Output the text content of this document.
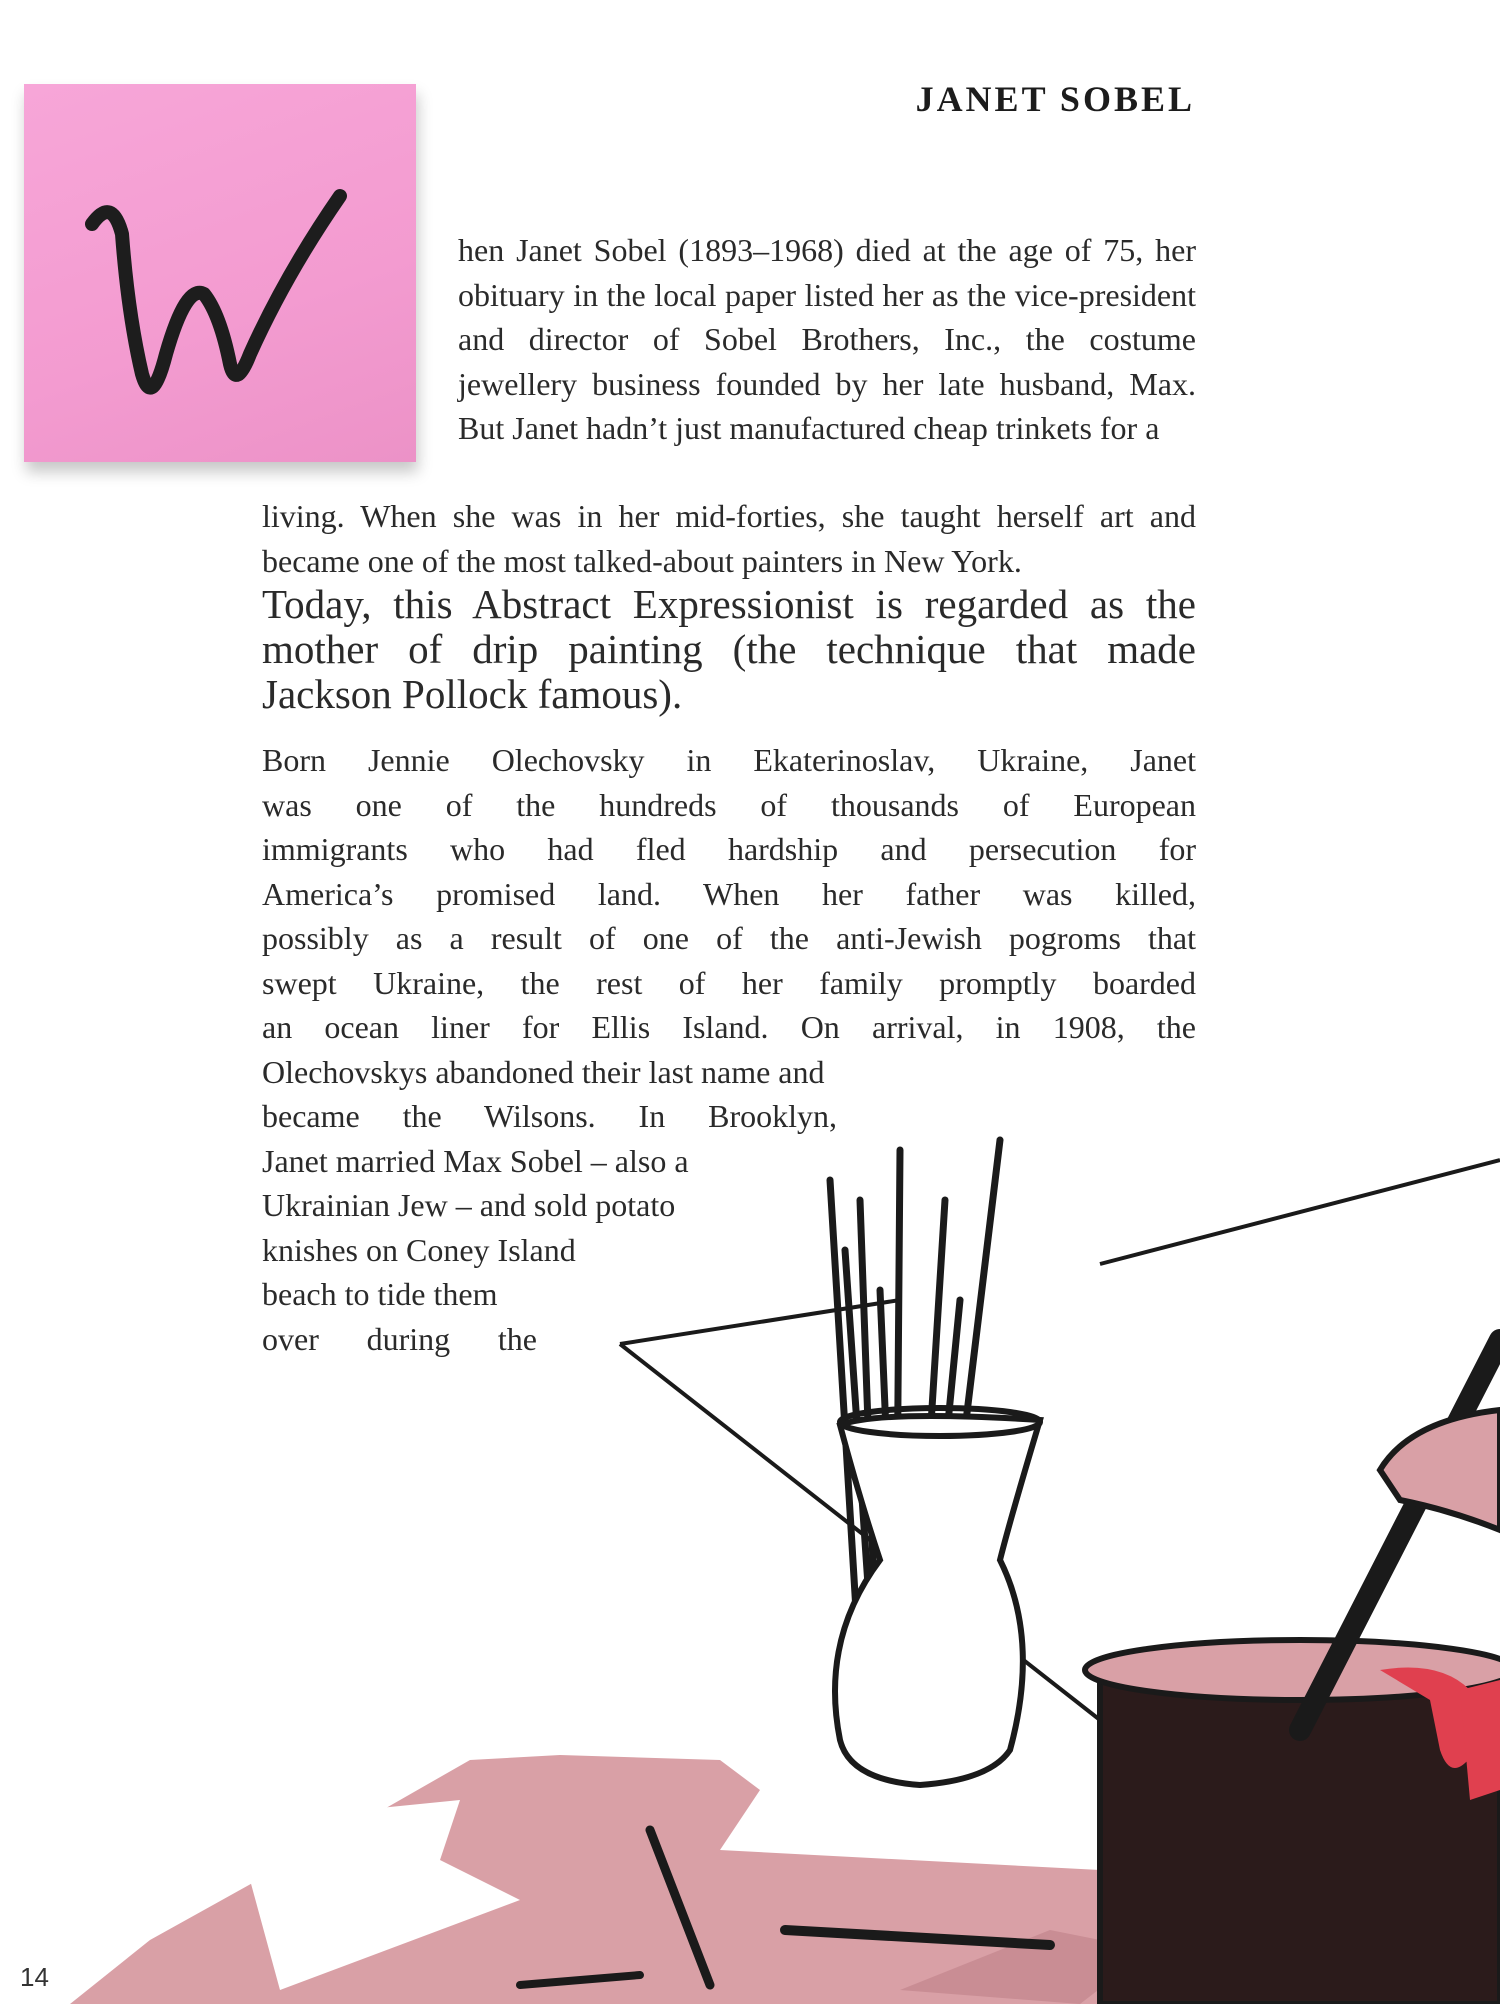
JANET SOBEL
hen Janet Sobel (1893–1968) died at the age of 75, her obituary in the local paper listed her as the vice-president and director of Sobel Brothers, Inc., the costume jewellery business founded by her late husband, Max. But Janet hadn’t just manufactured cheap trinkets for a
living. When she was in her mid-forties, she taught herself art and became one of the most talked-about painters in New York.
Today, this Abstract Expressionist is regarded as the mother of drip painting (the technique that made Jackson Pollock famous).
Born Jennie Olechovsky in Ekaterinoslav, Ukraine, Janet
was one of the hundreds of thousands of European
immigrants who had fled hardship and persecution for
America’s promised land. When her father was killed,
possibly as a result of one of the anti-Jewish pogroms that
swept Ukraine, the rest of her family promptly boarded
an ocean liner for Ellis Island. On arrival, in 1908, the
Olechovskys abandoned their last name and
became the Wilsons. In Brooklyn,
Janet married Max Sobel – also a
Ukrainian Jew – and sold potato
knishes on Coney Island
beach to tide them
over during the
14
